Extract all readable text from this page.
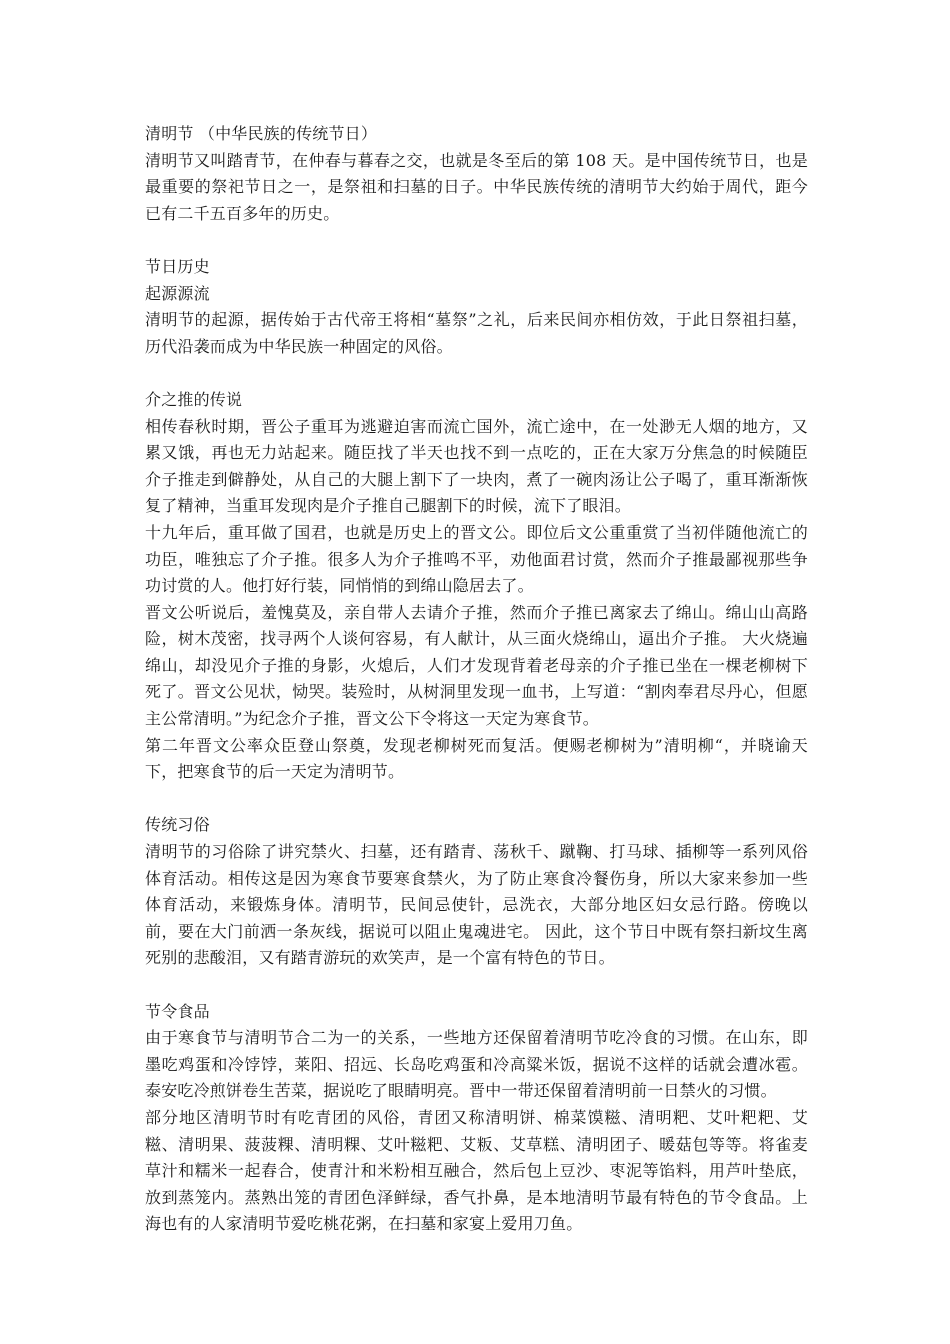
清明节 （中华民族的传统节日）

清明节又叫踏青节，在仲春与暮春之交，也就是冬至后的第 108 天。是中国传统节日，也是最重要的祭祀节日之一，是祭祖和扫墓的日子。中华民族传统的清明节大约始于周代，距今已有二千五百多年的历史。

节日历史

起源源流

清明节的起源，据传始于古代帝王将相“墓祭”之礼，后来民间亦相仿效，于此日祭祖扫墓，历代沿袭而成为中华民族一种固定的风俗。

介之推的传说

相传春秋时期，晋公子重耳为逃避迫害而流亡国外，流亡途中，在一处渺无人烟的地方，又累又饿，再也无力站起来。随臣找了半天也找不到一点吃的，正在大家万分焦急的时候随臣介子推走到僻静处，从自己的大腿上割下了一块肉，煮了一碗肉汤让公子喝了，重耳渐渐恢复了精神，当重耳发现肉是介子推自己腿割下的时候，流下了眼泪。

十九年后，重耳做了国君，也就是历史上的晋文公。即位后文公重重赏了当初伴随他流亡的功臣，唯独忘了介子推。很多人为介子推鸣不平，劝他面君讨赏，然而介子推最鄙视那些争功讨赏的人。他打好行装，同悄悄的到绵山隐居去了。

晋文公听说后，羞愧莫及，亲自带人去请介子推，然而介子推已离家去了绵山。绵山山高路险，树木茂密，找寻两个人谈何容易，有人献计，从三面火烧绵山，逼出介子推。 大火烧遍绵山，却没见介子推的身影，火熄后，人们才发现背着老母亲的介子推已坐在一棵老柳树下死了。晋文公见状，恸哭。装殓时，从树洞里发现一血书，上写道：“割肉奉君尽丹心，但愿主公常清明。”为纪念介子推，晋文公下令将这一天定为寒食节。

第二年晋文公率众臣登山祭奠，发现老柳树死而复活。便赐老柳树为”清明柳“，并晓谕天下，把寒食节的后一天定为清明节。

传统习俗

清明节的习俗除了讲究禁火、扫墓，还有踏青、荡秋千、蹴鞠、打马球、插柳等一系列风俗体育活动。相传这是因为寒食节要寒食禁火，为了防止寒食冷餐伤身，所以大家来参加一些体育活动，来锻炼身体。清明节，民间忌使针，忌洗衣，大部分地区妇女忌行路。傍晚以前，要在大门前洒一条灰线，据说可以阻止鬼魂进宅。 因此，这个节日中既有祭扫新坟生离死别的悲酸泪，又有踏青游玩的欢笑声，是一个富有特色的节日。

节令食品

由于寒食节与清明节合二为一的关系，一些地方还保留着清明节吃冷食的习惯。在山东，即墨吃鸡蛋和冷饽饽，莱阳、招远、长岛吃鸡蛋和冷高粱米饭，据说不这样的话就会遭冰雹。泰安吃冷煎饼卷生苦菜，据说吃了眼睛明亮。晋中一带还保留着清明前一日禁火的习惯。

部分地区清明节时有吃青团的风俗，青团又称清明饼、棉菜馍糍、清明粑、艾叶粑粑、艾糍、清明果、菠菠粿、清明粿、艾叶糍粑、艾粄、艾草糕、清明团子、暖菇包等等。将雀麦草汁和糯米一起舂合，使青汁和米粉相互融合，然后包上豆沙、枣泥等馅料，用芦叶垫底，放到蒸笼内。蒸熟出笼的青团色泽鲜绿，香气扑鼻，是本地清明节最有特色的节令食品。上海也有的人家清明节爱吃桃花粥，在扫墓和家宴上爱用刀鱼。
